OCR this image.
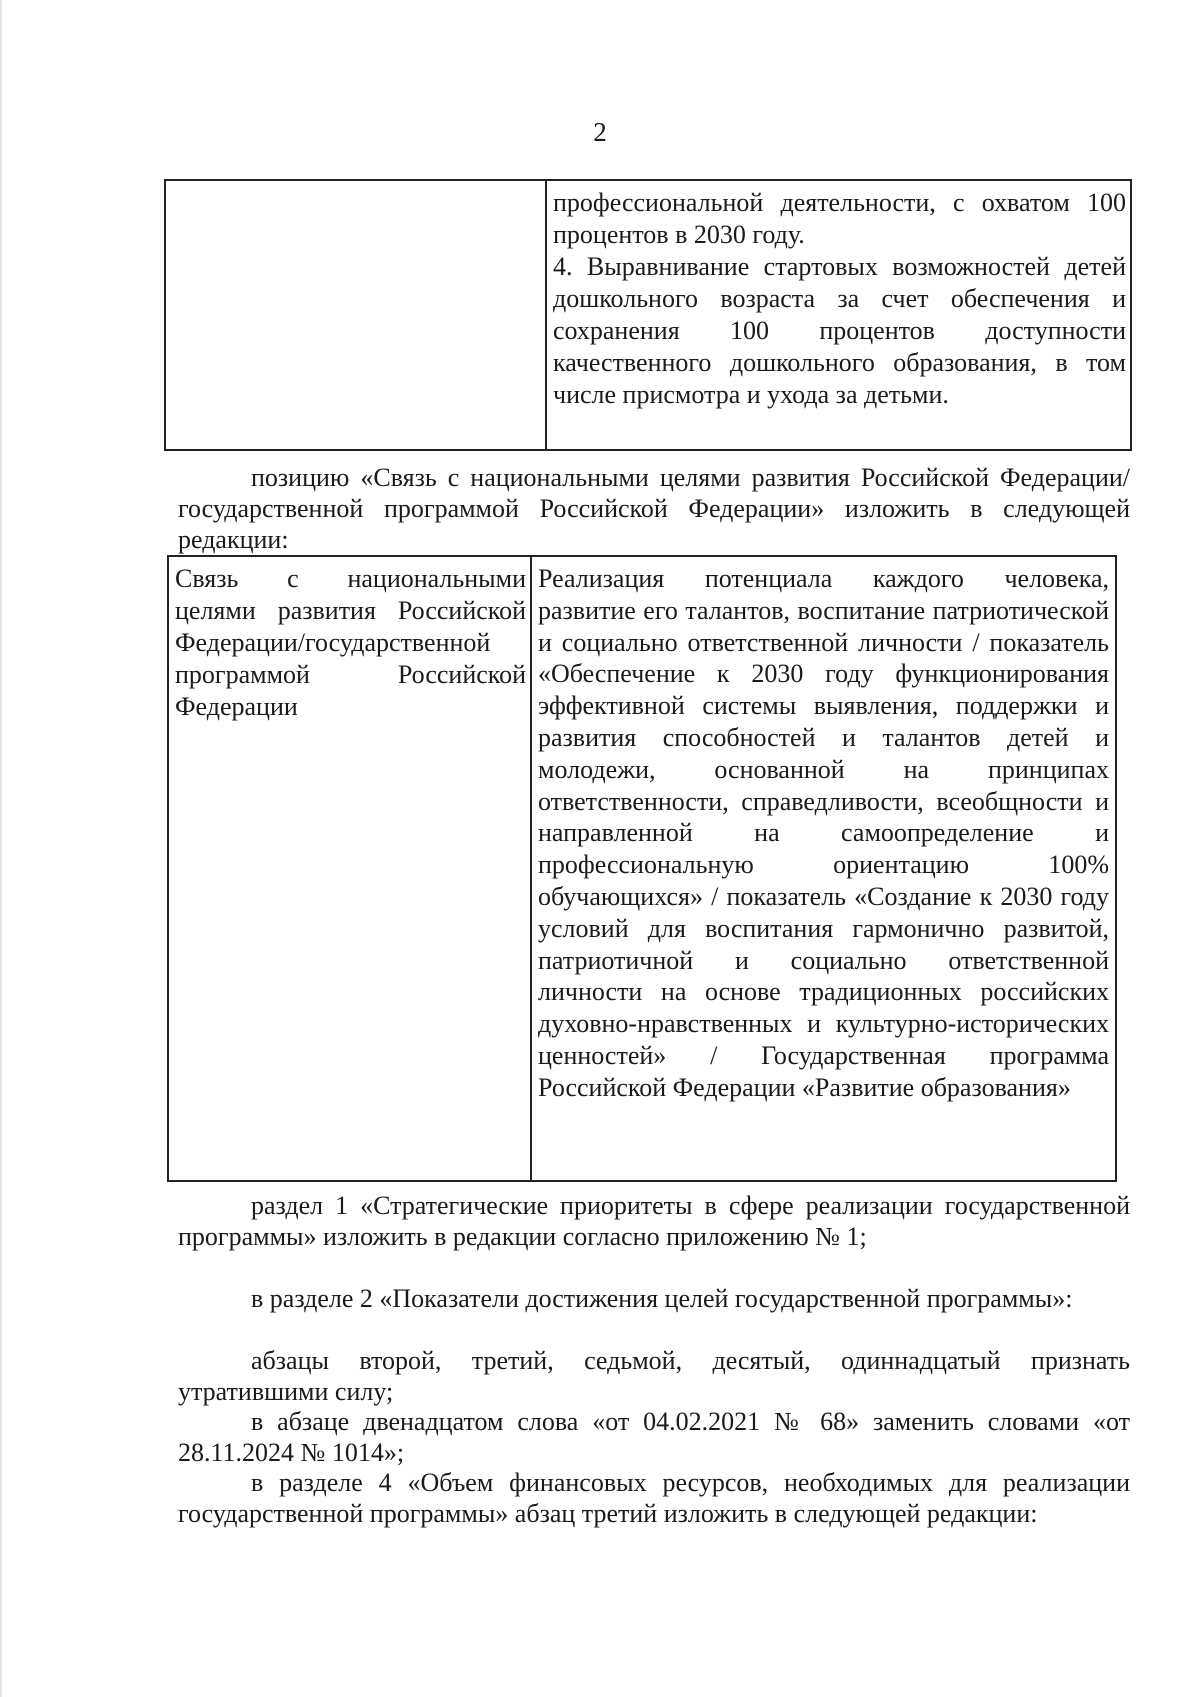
2
профессиональной деятельности, с охватом 100 процентов в 2030 году.
4. Выравнивание стартовых возможностей детей дошкольного возраста за счет обеспечения и сохранения 100 процентов доступности качественного дошкольного образования, в том числе присмотра и ухода за детьми.
позицию «Связь с национальными целями развития Российской Федерации/государственной программой Российской Федерации» изложить в следующей редакции:
Связь с национальными целями развития Российской Федерации/государственной программой Российской Федерации
Реализация потенциала каждого человека, развитие его талантов, воспитание патриотической и социально ответственной личности / показатель «Обеспечение к 2030 году функционирования эффективной системы выявления, поддержки и развития способностей и талантов детей и молодежи, основанной на принципах ответственности, справедливости, всеобщности и направленной на самоопределение и профессиональную ориентацию 100% обучающихся» / показатель «Создание к 2030 году условий для воспитания гармонично развитой, патриотичной и социально ответственной личности на основе традиционных российских духовно-нравственных и культурно-исторических ценностей» / Государственная программа Российской Федерации «Развитие образования»
раздел 1 «Стратегические приоритеты в сфере реализации государственной программы» изложить в редакции согласно приложению № 1;
в разделе 2 «Показатели достижения целей государственной программы»:
абзацы второй, третий, седьмой, десятый, одиннадцатый признать утратившими силу;
в абзаце двенадцатом слова «от 04.02.2021 № 68» заменить словами «от 28.11.2024 № 1014»;
в разделе 4 «Объем финансовых ресурсов, необходимых для реализации государственной программы» абзац третий изложить в следующей редакции:
